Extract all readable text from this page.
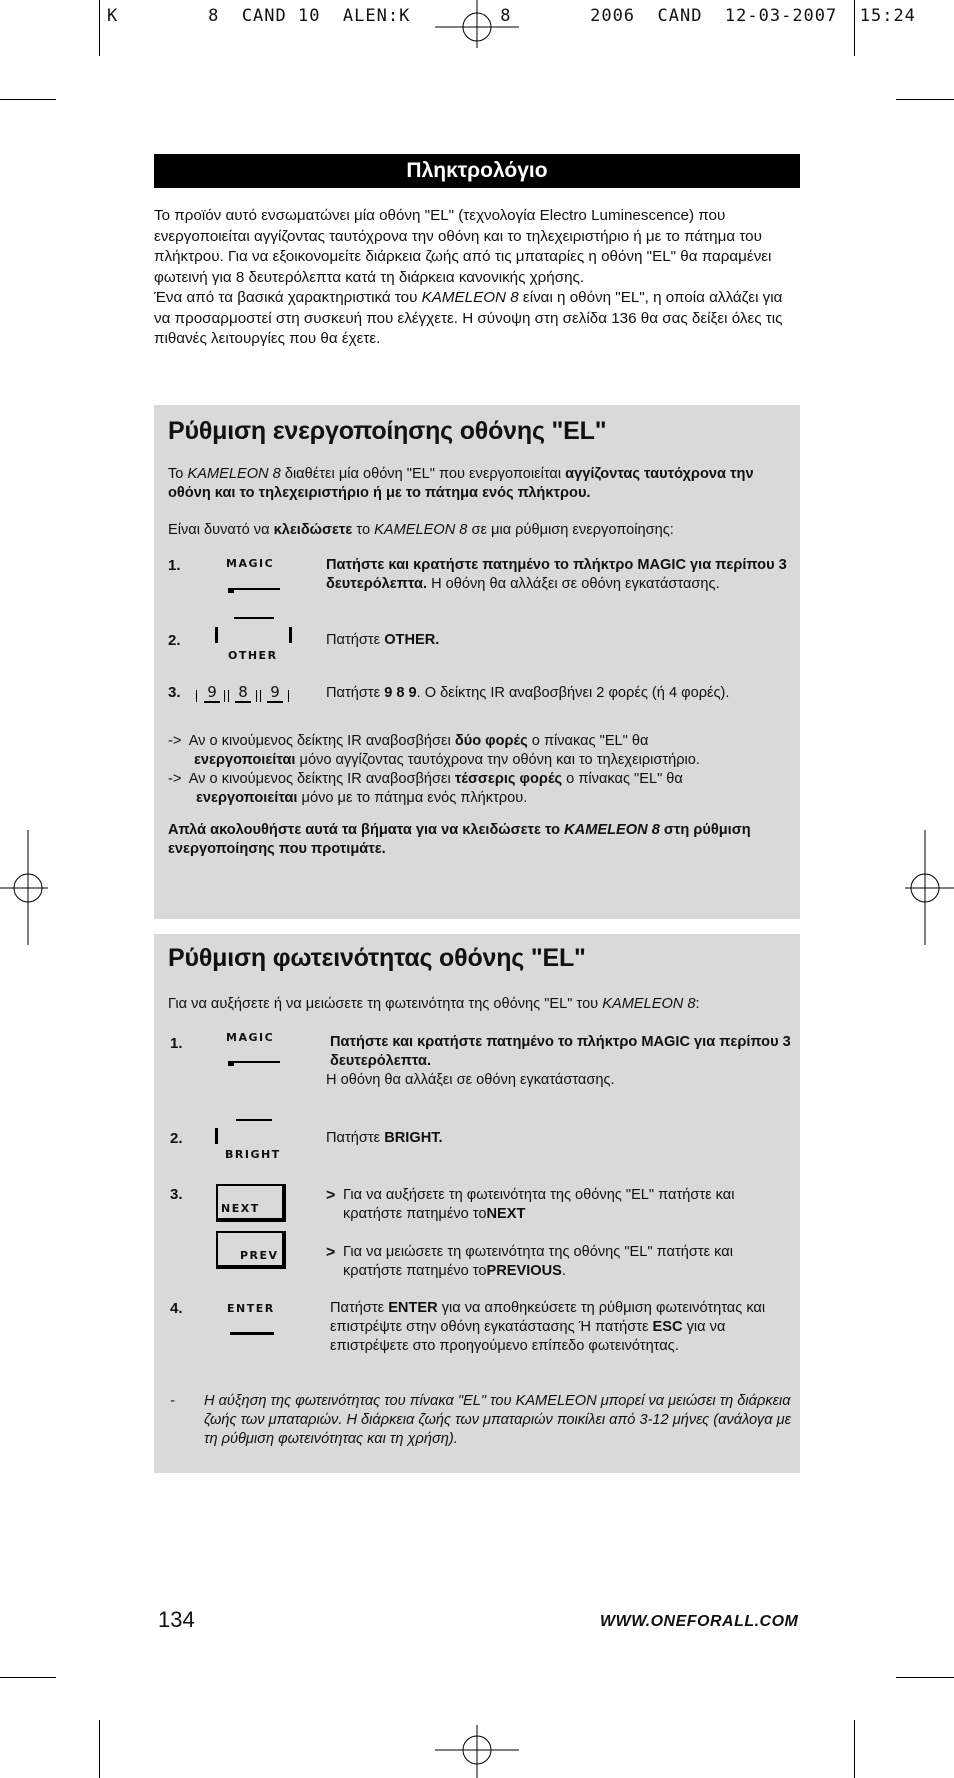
K        8  CAND 10  ALEN:K        8       2006  CAND  12-03-2007  15:24
Πληκτρολόγιο

Το προϊόν αυτό ενσωματώνει μία οθόνη "EL" (τεχνολογία Electro Luminescence) που ενεργοποιείται αγγίζοντας ταυτόχρονα την οθόνη και το τηλεχειριστήριο ή με το πάτημα του πλήκτρου. Για να εξοικονομείτε διάρκεια ζωής από τις μπαταρίες η οθόνη "EL" θα παραμένει φωτεινή για 8 δευτερόλεπτα κατά τη διάρκεια κανονικής χρήσης.

Ένα από τα βασικά χαρακτηριστικά του KAMELEON 8 είναι η οθόνη "EL", η οποία αλλάζει για να προσαρμοστεί στη συσκευή που ελέγχετε. Η σύνοψη στη σελίδα 136 θα σας δείξει όλες τις πιθανές λειτουργίες που θα έχετε.

Ρύθμιση ενεργοποίησης οθόνης "EL"
Το KAMELEON 8 διαθέτει μία οθόνη "EL" που ενεργοποιείται αγγίζοντας ταυτόχρονα την οθόνη και το τηλεχειριστήριο ή με το πάτημα ενός πλήκτρου.
Είναι δυνατό να κλειδώσετε το KAMELEON 8 σε μια ρύθμιση ενεργοποίησης:
1.	MAGIC	Πατήστε και κρατήστε πατημένο το πλήκτρο MAGIC για περίπου 3 δευτερόλεπτα. Η οθόνη θα αλλάξει σε οθόνη εγκατάστασης.
2.
OTHER
Πατήστε OTHER.
3. 9 8 9	Πατήστε 9 8 9. Ο δείκτης IR αναβοσβήνει 2 φορές (ή 4 φορές).
-> Αν ο κινούμενος δείκτης IR αναβοσβήσει δύο φορές ο πίνακας "EL" θα
ενεργοποιείται μόνο αγγίζοντας ταυτόχρονα την οθόνη και το τηλεχειριστήριο.
-> Αν ο κινούμενος δείκτης IR αναβοσβήσει τέσσερις φορές ο πίνακας "EL" θα
ενεργοποιείται μόνο με το πάτημα ενός πλήκτρου.
Απλά ακολουθήστε αυτά τα βήματα για να κλειδώσετε το KAMELEON 8 στη ρύθμιση ενεργοποίησης που προτιμάτε.
Ρύθμιση φωτεινότητας οθόνης "EL"
Για να αυξήσετε ή να μειώσετε τη φωτεινότητα της οθόνης "EL" του KAMELEON 8:
1.	MAGIC	Πατήστε και κρατήστε πατημένο το πλήκτρο MAGIC για περίπου 3 δευτερόλεπτα.
Η οθόνη θα αλλάξει σε οθόνη εγκατάστασης.
2.
BRIGHT
Πατήστε BRIGHT.
3.
NEXT
> Για να αυξήσετε τη φωτεινότητα της οθόνης "EL" πατήστε και κρατήστε πατημένο τοNEXT
PREV	> Για να μειώσετε τη φωτεινότητα της οθόνης "EL" πατήστε και κρατήστε πατημένο τοPREVIOUS.
4.	ENTER	Πατήστε ENTER για να αποθηκεύσετε τη ρύθμιση φωτεινότητας και επιστρέψτε στην οθόνη εγκατάστασης Ή πατήστε ESC για να επιστρέψετε στο προηγούμενο επίπεδο φωτεινότητας.
- Η αύξηση της φωτεινότητας του πίνακα "EL" του KAMELEON μπορεί να μειώσει τη διάρκεια ζωής των μπαταριών. Η διάρκεια ζωής των μπαταριών ποικίλει από 3-12 μήνες (ανάλογα με τη ρύθμιση φωτεινότητας και τη χρήση).
134	WWW.ONEFORALL.COM
